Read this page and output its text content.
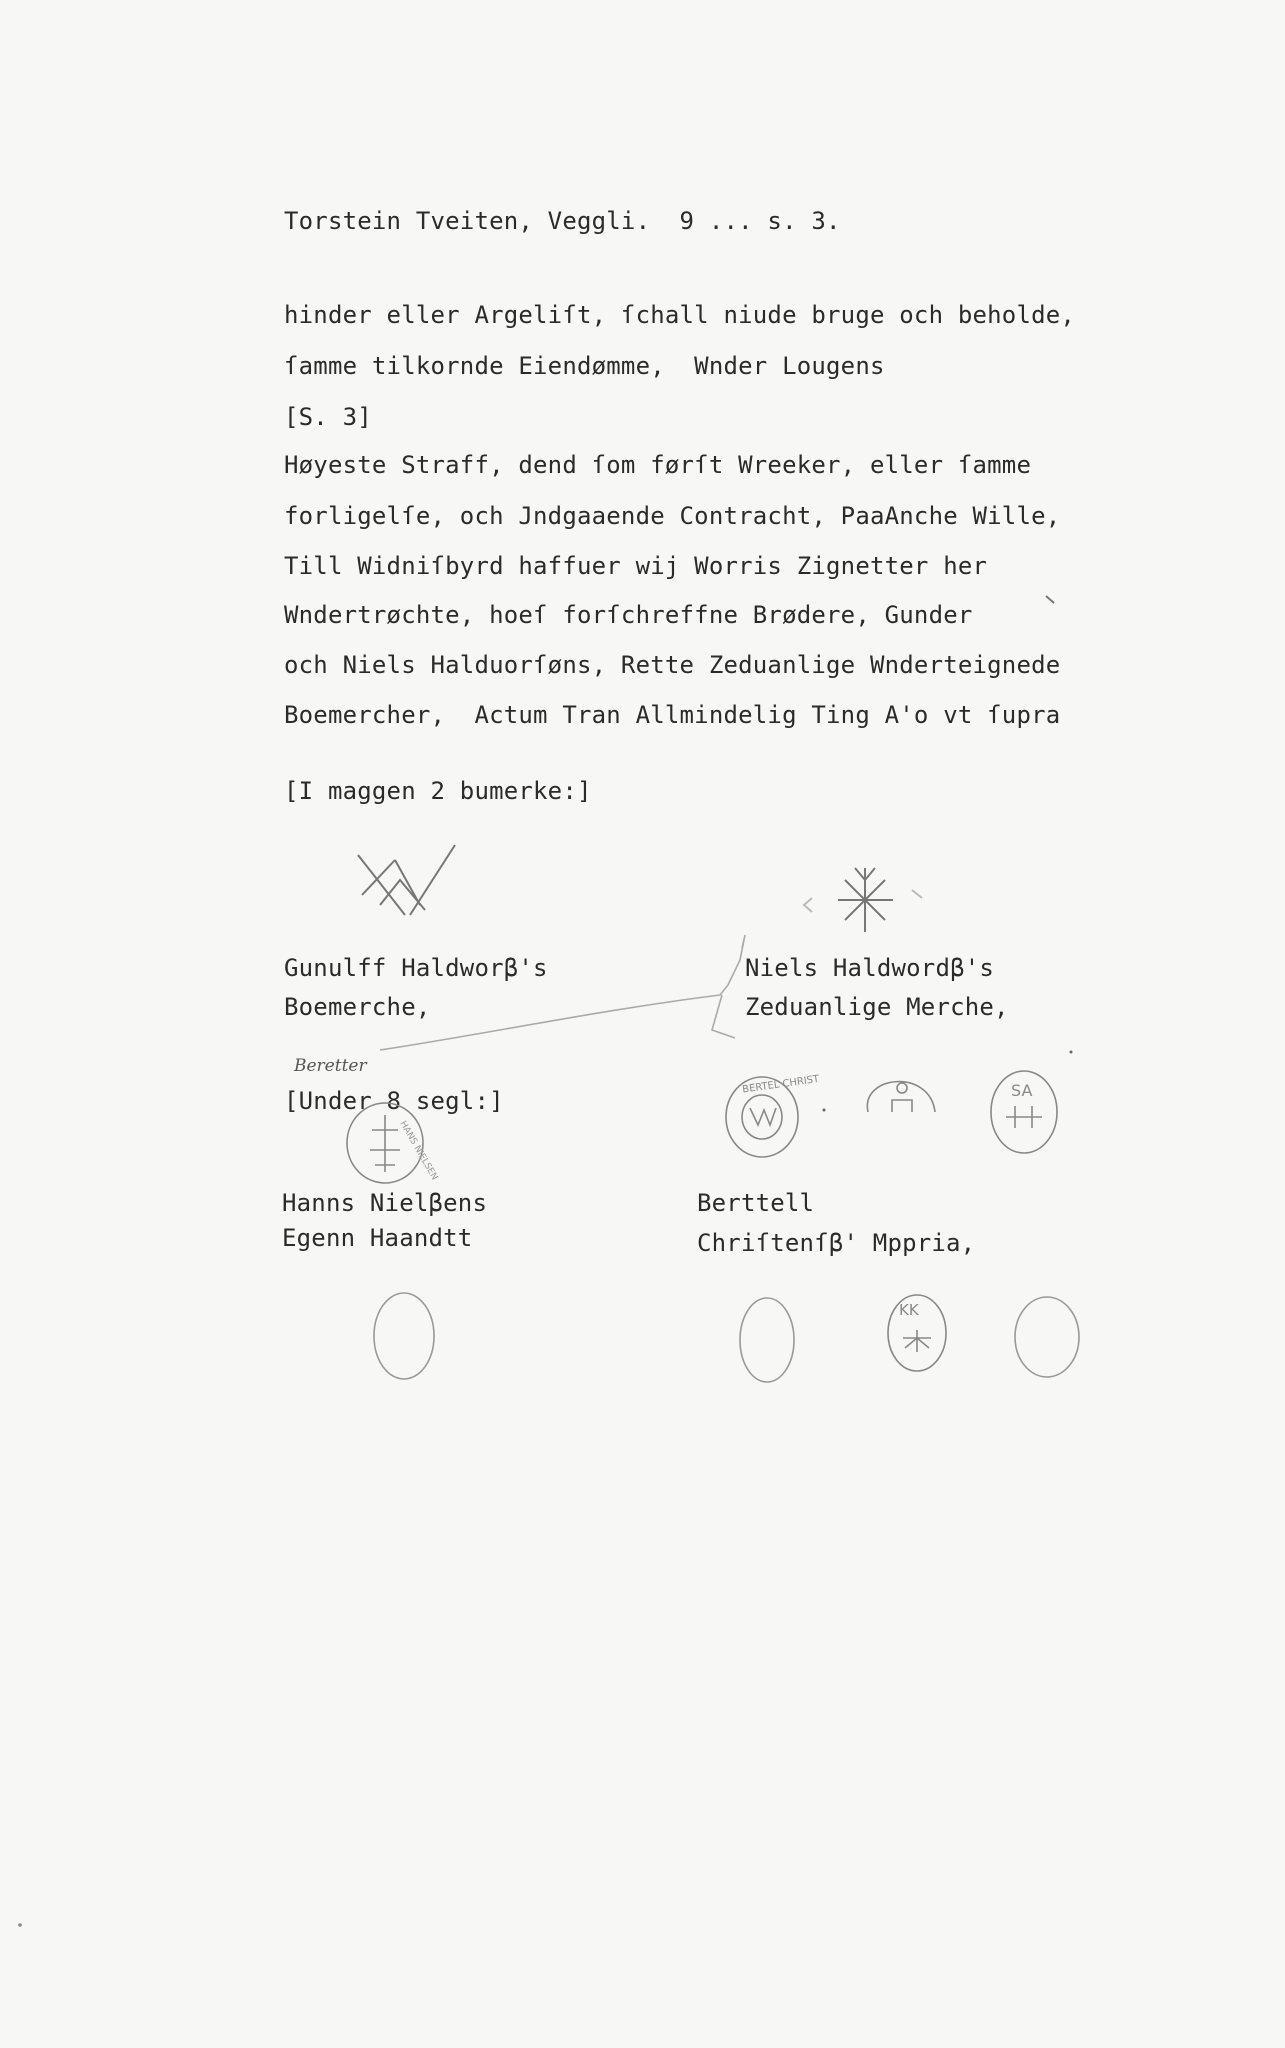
Torstein Tveiten, Veggli.  9 ... s. 3.
hinder eller Argeliſt, ſchall niude bruge och beholde,
ſamme tilkornde Eiendømme,  Wnder Lougens
[S. 3]
Høyeste Straff, dend ſom førſt Wreeker, eller ſamme
forligelſe, och Jndgaaende Contracht, PaaAnche Wille,
Till Widniſbyrd haffuer wij Worris Zignetter her
Wndertrøchte, hoeſ forſchreffne Brødere, Gunder
och Niels Halduorſøns, Rette Zeduanlige Wnderteignede
Boemercher,  Actum Tran Allmindelig Ting A'o vt ſupra
[I maggen 2 bumerke:]
Gunulff Haldworβ's
Boemerche,
Niels Haldwordβ's
Zeduanlige Merche,
Beretter
[Under 8 segl:]
Hanns Nielβens
Egenn Haandtt
Berttell
Chriſtenſβ' Mppria,
BERTEL CHRIST	SA
HANS NIELSEN
KK
